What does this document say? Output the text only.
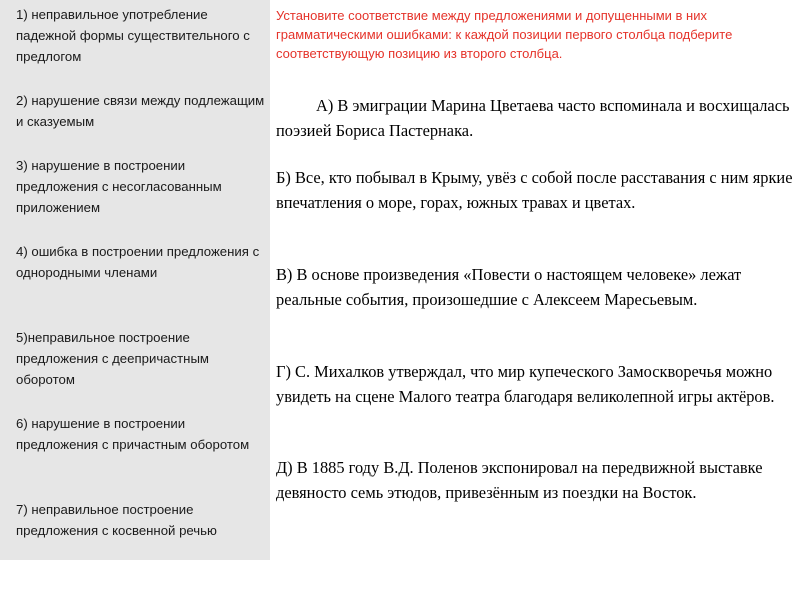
1) неправильное употребление падежной формы существительного с предлогом
2) нарушение связи между подлежащим и сказуемым
3) нарушение в построении предложения с несогласованным приложением
4) ошибка в построении предложения с однородными членами
5)неправильное построение предложения с деепричастным оборотом
6) нарушение в построении предложения с причастным оборотом
7) неправильное построение предложения с косвенной речью
Установите соответствие между предложениями и допущенными в них грамматическими ошибками: к каждой позиции первого столбца подберите соответствующую позицию из второго столбца.
А) В эмиграции Марина Цветаева часто вспоминала и восхищалась поэзией Бориса Пастернака.
Б) Все, кто побывал в Крыму, увёз с собой после расставания с ним яркие впечатления о море, горах, южных травах и цветах.
В) В основе произведения «Повести о настоящем человеке» лежат реальные события, произошедшие с Алексеем Маресьевым.
Г) С. Михалков утверждал, что мир купеческого Замоскворечья можно увидеть на сцене Малого театра благодаря великолепной игры актёров.
Д) В 1885 году В.Д. Поленов экспонировал на передвижной выставке девяносто семь этюдов, привезённым из поездки на Восток.
